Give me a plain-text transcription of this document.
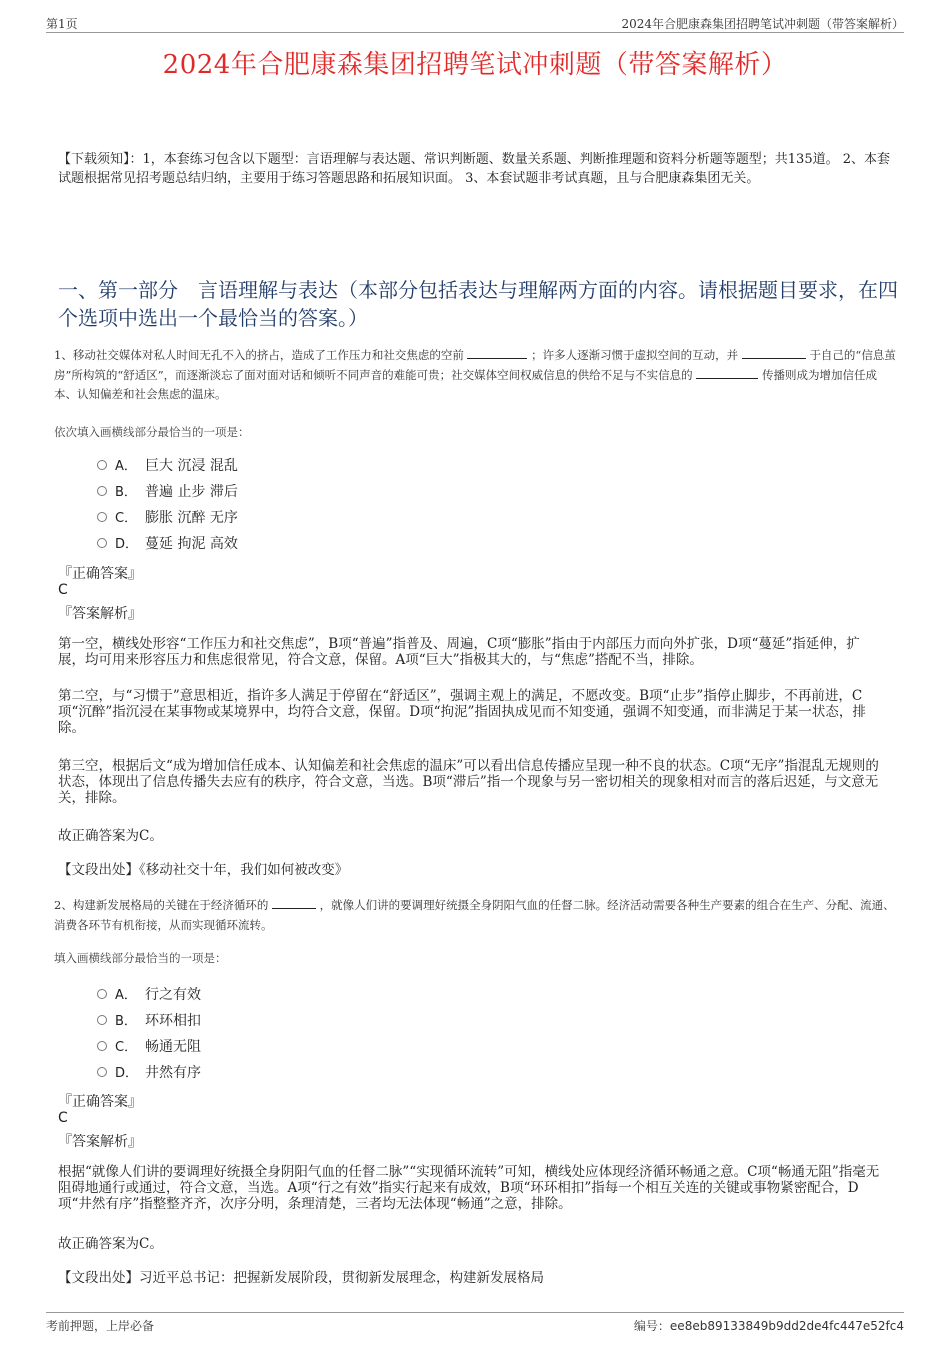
第1页	2024年合肥康森集团招聘笔试冲刺题（带答案解析）
2024年合肥康森集团招聘笔试冲刺题（带答案解析）
【下载须知】：1，本套练习包含以下题型：言语理解与表达题、常识判断题、数量关系题、判断推理题和资料分析题等题型；共135道。 2、本套试题根据常见招考题总结归纳，主要用于练习答题思路和拓展知识面。 3、本套试题非考试真题，且与合肥康森集团无关。
一、第一部分　言语理解与表达（本部分包括表达与理解两方面的内容。请根据题目要求，在四个选项中选出一个最恰当的答案。）
1、移动社交媒体对私人时间无孔不入的挤占，造成了工作压力和社交焦虑的空前	；许多人逐渐习惯于虚拟空间的互动，并	于自己的“信息茧房”所构筑的“舒适区”，而逐渐淡忘了面对面对话和倾听不同声音的难能可贵；社交媒体空间权威信息的供给不足与不实信息的	传播则成为增加信任成本、认知偏差和社会焦虑的温床。
依次填入画横线部分最恰当的一项是：
A． 巨大 沉浸 混乱
B． 普遍 止步 滞后
C． 膨胀 沉醉 无序
D． 蔓延 拘泥 高效
『正确答案』
C
『答案解析』
第一空，横线处形容“工作压力和社交焦虑”，B项“普遍”指普及、周遍，C项“膨胀”指由于内部压力而向外扩张，D项“蔓延”指延伸，扩展，均可用来形容压力和焦虑很常见，符合文意，保留。A项“巨大”指极其大的，与“焦虑”搭配不当，排除。
第二空，与“习惯于”意思相近，指许多人满足于停留在“舒适区”，强调主观上的满足，不愿改变。B项“止步”指停止脚步，不再前进，C项“沉醉”指沉浸在某事物或某境界中，均符合文意，保留。D项“拘泥”指固执成见而不知变通，强调不知变通，而非满足于某一状态，排除。
第三空，根据后文“成为增加信任成本、认知偏差和社会焦虑的温床”可以看出信息传播应呈现一种不良的状态。C项“无序”指混乱无规则的状态，体现出了信息传播失去应有的秩序，符合文意，当选。B项“滞后”指一个现象与另一密切相关的现象相对而言的落后迟延，与文意无关，排除。
故正确答案为C。
【文段出处】《移动社交十年，我们如何被改变》
2、构建新发展格局的关键在于经济循环的	，就像人们讲的要调理好统摄全身阴阳气血的任督二脉。经济活动需要各种生产要素的组合在生产、分配、流通、消费各环节有机衔接，从而实现循环流转。
填入画横线部分最恰当的一项是：
A． 行之有效
B． 环环相扣
C． 畅通无阻
D． 井然有序
『正确答案』
C
『答案解析』
根据“就像人们讲的要调理好统摄全身阴阳气血的任督二脉”“实现循环流转”可知，横线处应体现经济循环畅通之意。C项“畅通无阻”指毫无阻碍地通行或通过，符合文意，当选。A项“行之有效”指实行起来有成效，B项“环环相扣”指每一个相互关连的关键或事物紧密配合，D项“井然有序”指整整齐齐，次序分明，条理清楚，三者均无法体现“畅通”之意，排除。
故正确答案为C。
【文段出处】习近平总书记：把握新发展阶段，贯彻新发展理念，构建新发展格局
考前押题，上岸必备	编号：ee8eb89133849b9dd2de4fc447e52fc4
